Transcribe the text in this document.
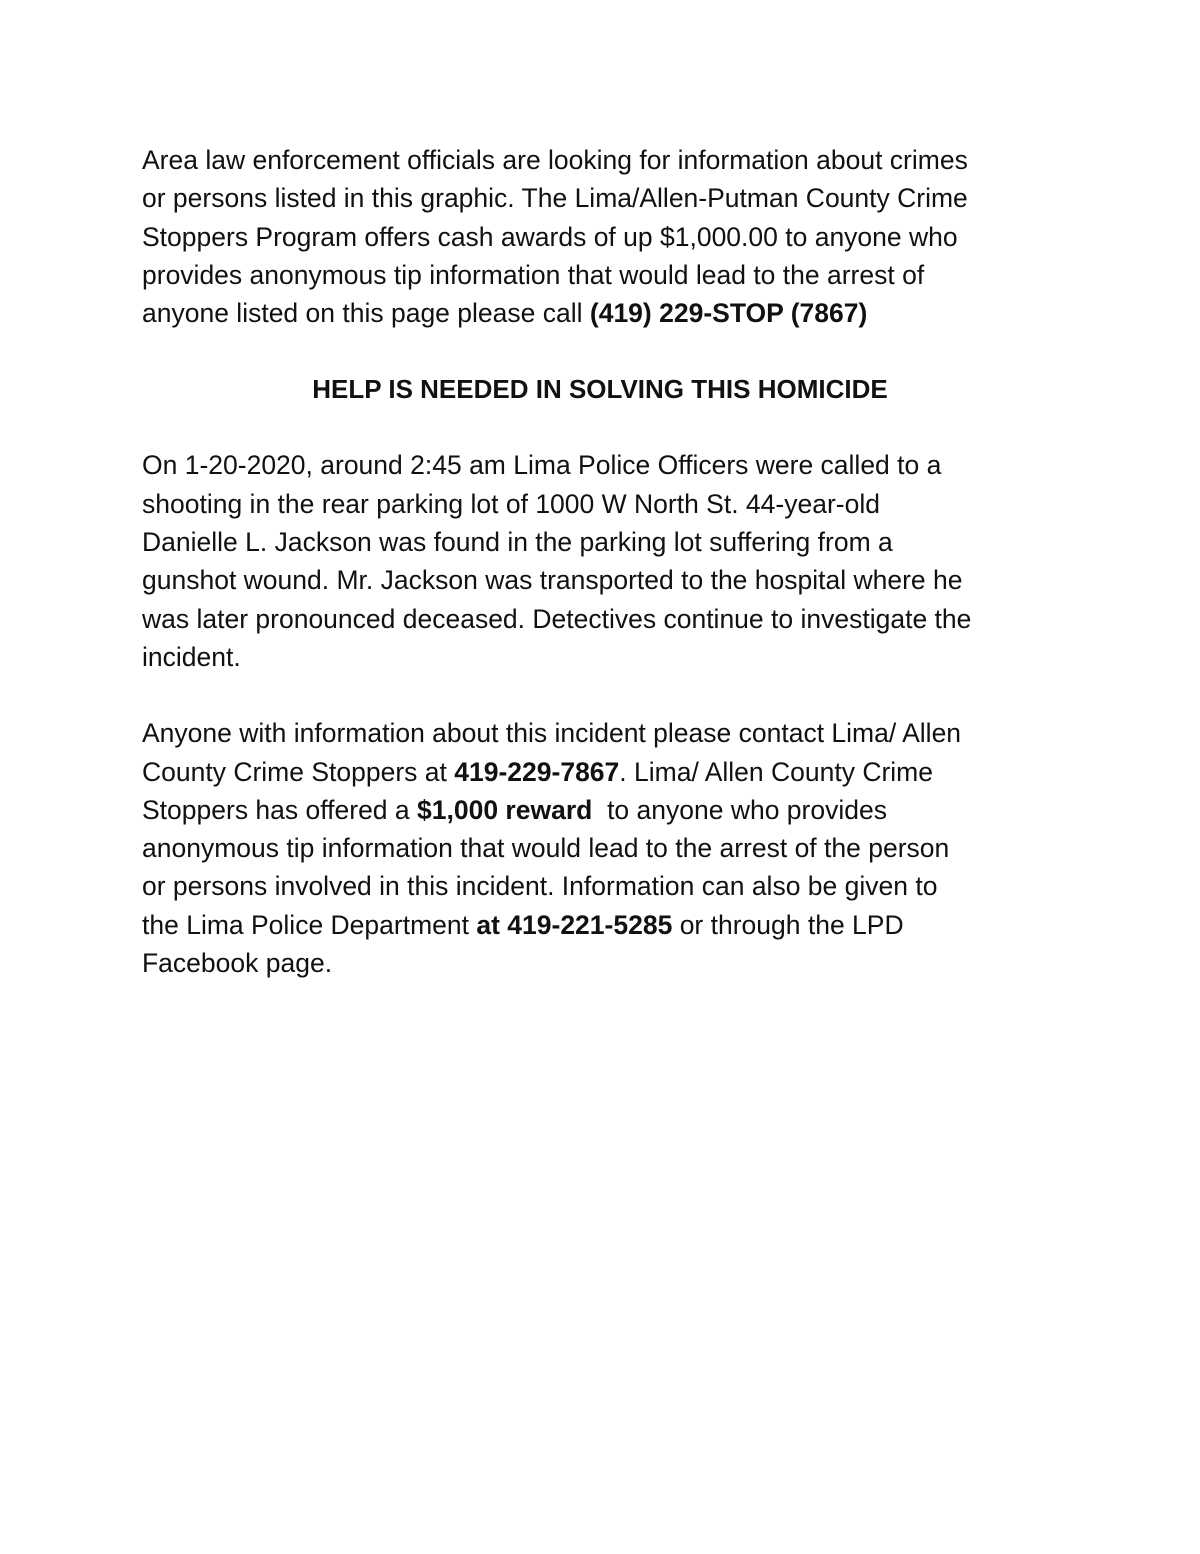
Area law enforcement officials are looking for information about crimes
or persons listed in this graphic. The Lima/Allen-Putman County Crime
Stoppers Program offers cash awards of up $1,000.00 to anyone who
provides anonymous tip information that would lead to the arrest of
anyone listed on this page please call (419) 229-STOP (7867)

HELP IS NEEDED IN SOLVING THIS HOMICIDE

On 1-20-2020, around 2:45 am Lima Police Officers were called to a
shooting in the rear parking lot of 1000 W North St. 44-year-old
Danielle L. Jackson was found in the parking lot suffering from a
gunshot wound. Mr. Jackson was transported to the hospital where he
was later pronounced deceased. Detectives continue to investigate the
incident.

Anyone with information about this incident please contact Lima/ Allen
County Crime Stoppers at 419-229-7867. Lima/ Allen County Crime
Stoppers has offered a $1,000 reward  to anyone who provides
anonymous tip information that would lead to the arrest of the person
or persons involved in this incident. Information can also be given to
the Lima Police Department at 419-221-5285 or through the LPD
Facebook page.
